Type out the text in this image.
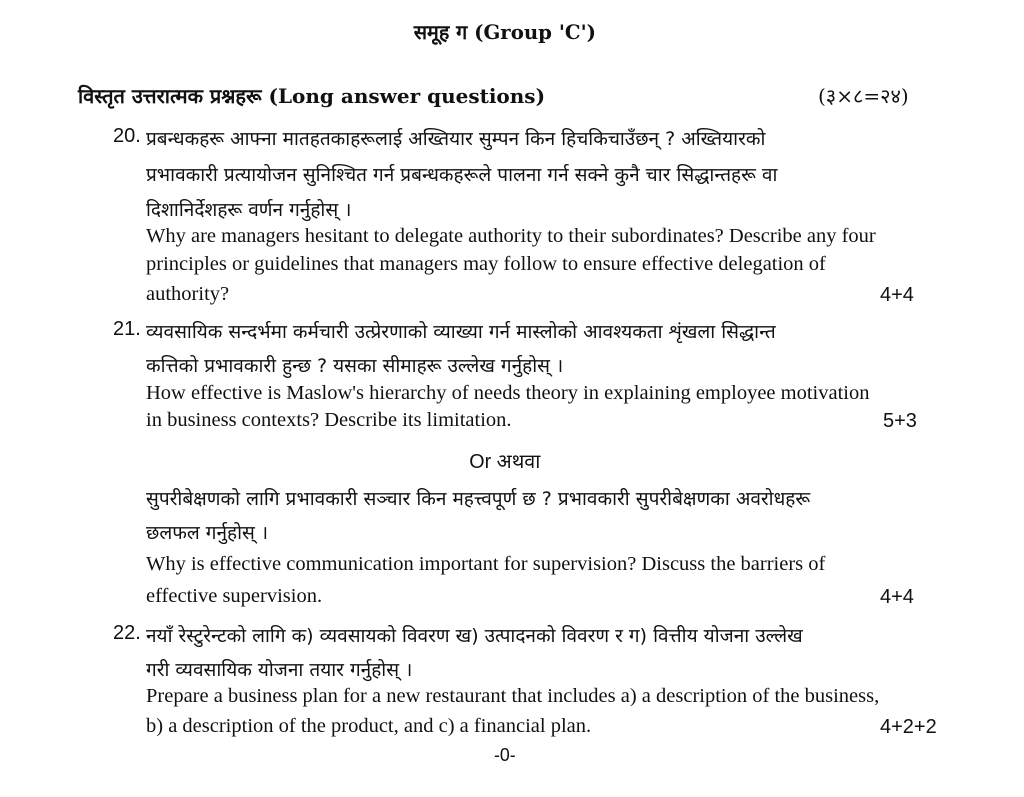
समूह ग (Group 'C')
विस्तृत उत्तरात्मक प्रश्नहरू (Long answer questions)	(३×८=२४)
20. प्रबन्धकहरू आफ्ना मातहतकाहरूलाई अख्तियार सुम्पन किन हिचकिचाउँछन् ? अख्तियारको
प्रभावकारी प्रत्यायोजन सुनिश्चित गर्न प्रबन्धकहरूले पालना गर्न सक्ने कुनै चार सिद्धान्तहरू वा
दिशानिर्देशहरू वर्णन गर्नुहोस् ।
Why are managers hesitant to delegate authority to their subordinates? Describe any four
principles or guidelines that managers may follow to ensure effective delegation of
authority?	4+4
21. व्यवसायिक सन्दर्भमा कर्मचारी उत्प्रेरणाको व्याख्या गर्न मास्लोको आवश्यकता शृंखला सिद्धान्त
कत्तिको प्रभावकारी हुन्छ ? यसका सीमाहरू उल्लेख गर्नुहोस् ।
How effective is Maslow's hierarchy of needs theory in explaining employee motivation
in business contexts? Describe its limitation.	5+3
Or अथवा
सुपरीबेक्षणको लागि प्रभावकारी सञ्चार किन महत्त्वपूर्ण छ ? प्रभावकारी सुपरीबेक्षणका अवरोधहरू
छलफल गर्नुहोस् ।
Why is effective communication important for supervision? Discuss the barriers of
effective supervision.	4+4
22. नयाँ रेस्टुरेन्टको लागि क) व्यवसायको विवरण ख) उत्पादनको विवरण र ग) वित्तीय योजना उल्लेख
गरी व्यवसायिक योजना तयार गर्नुहोस् ।
Prepare a business plan for a new restaurant that includes a) a description of the business,
b) a description of the product, and c) a financial plan.	4+2+2
-0-
